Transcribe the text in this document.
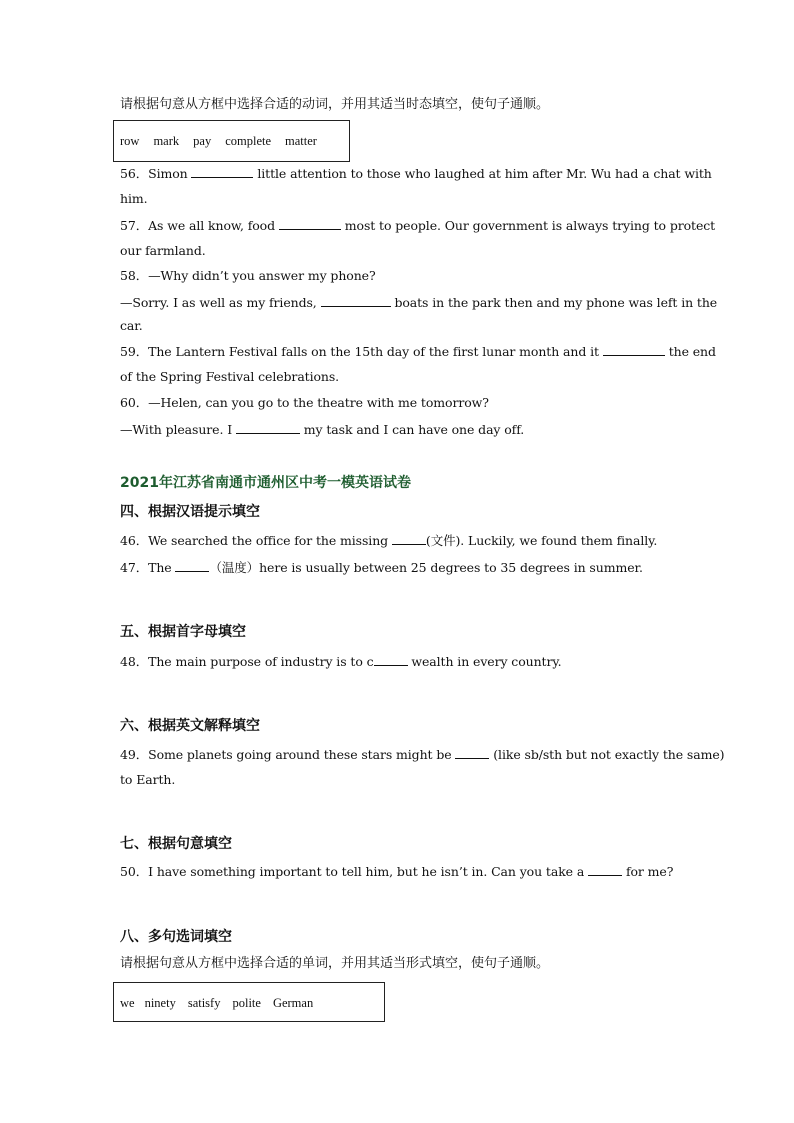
请根据句意从方框中选择合适的动词，并用其适当时态填空，使句子通顺。
row mark pay complete matter
56．Simon	little attention to those who laughed at him after Mr. Wu had a chat with
him.
57．As we all know, food	most to people. Our government is always trying to protect
our farmland.
58．—Why didn’t you answer my phone?
—Sorry. I as well as my friends,	boats in the park then and my phone was left in the
car.
59．The Lantern Festival falls on the 15th day of the first lunar month and it	the end
of the Spring Festival celebrations.
60．—Helen, can you go to the theatre with me tomorrow?
—With pleasure. I	my task and I can have one day off.
2021年江苏省南通市通州区中考一模英语试卷
四、根据汉语提示填空
46．We searched the office for the missing	(文件). Luckily, we found them finally.
47．The	（温度）here is usually between 25 degrees to 35 degrees in summer.
五、根据首字母填空
48．The main purpose of industry is to c	wealth in every country.
六、根据英文解释填空
49．Some planets going around these stars might be	(like sb/sth but not exactly the same)
to Earth.
七、根据句意填空
50．I have something important to tell him, but he isn’t in. Can you take a	for me?
八、多句选词填空
请根据句意从方框中选择合适的单词，并用其适当形式填空，使句子通顺。
we ninety satisfy polite German
